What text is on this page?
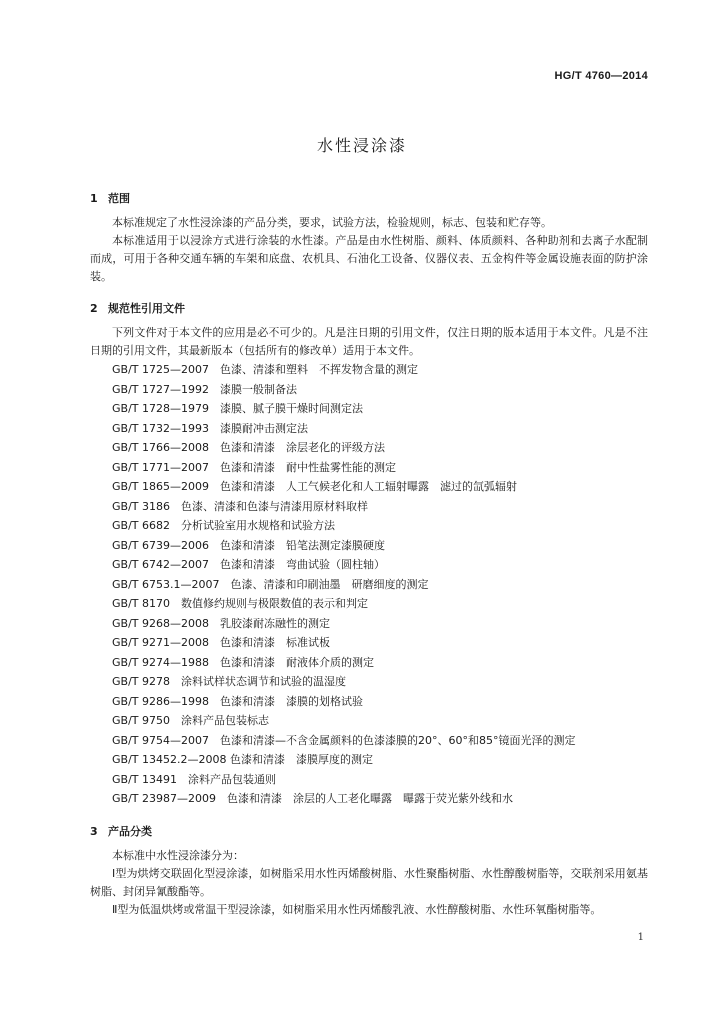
HG/T 4760—2014
水性浸涂漆
1 范围

本标准规定了水性浸涂漆的产品分类，要求，试验方法，检验规则，标志、包装和贮存等。

本标准适用于以浸涂方式进行涂装的水性漆。产品是由水性树脂、颜料、体质颜料、各种助剂和去离子水配制而成，可用于各种交通车辆的车架和底盘、农机具、石油化工设备、仪器仪表、五金构件等金属设施表面的防护涂装。

2 规范性引用文件

下列文件对于本文件的应用是必不可少的。凡是注日期的引用文件，仅注日期的版本适用于本文件。凡是不注日期的引用文件，其最新版本（包括所有的修改单）适用于本文件。

GB/T 1725—2007　色漆、清漆和塑料　不挥发物含量的测定

GB/T 1727—1992　漆膜一般制备法

GB/T 1728—1979　漆膜、腻子膜干燥时间测定法

GB/T 1732—1993　漆膜耐冲击测定法

GB/T 1766—2008　色漆和清漆　涂层老化的评级方法

GB/T 1771—2007　色漆和清漆　耐中性盐雾性能的测定

GB/T 1865—2009　色漆和清漆　人工气候老化和人工辐射曝露　滤过的氙弧辐射

GB/T 3186　色漆、清漆和色漆与清漆用原材料取样

GB/T 6682　分析试验室用水规格和试验方法

GB/T 6739—2006　色漆和清漆　铅笔法测定漆膜硬度

GB/T 6742—2007　色漆和清漆　弯曲试验（圆柱轴）

GB/T 6753.1—2007　色漆、清漆和印刷油墨　研磨细度的测定

GB/T 8170　数值修约规则与极限数值的表示和判定

GB/T 9268—2008　乳胶漆耐冻融性的测定

GB/T 9271—2008　色漆和清漆　标准试板

GB/T 9274—1988　色漆和清漆　耐液体介质的测定

GB/T 9278　涂料试样状态调节和试验的温湿度

GB/T 9286—1998　色漆和清漆　漆膜的划格试验

GB/T 9750　涂料产品包装标志

GB/T 9754—2007　色漆和清漆—不含金属颜料的色漆漆膜的20°、60°和85°镜面光泽的测定

GB/T 13452.2—2008 色漆和清漆　漆膜厚度的测定

GB/T 13491　涂料产品包装通则

GB/T 23987—2009　色漆和清漆　涂层的人工老化曝露　曝露于荧光紫外线和水

3 产品分类

本标准中水性浸涂漆分为：

Ⅰ型为烘烤交联固化型浸涂漆，如树脂采用水性丙烯酸树脂、水性聚酯树脂、水性醇酸树脂等，交联剂采用氨基树脂、封闭异氰酸酯等。

Ⅱ型为低温烘烤或常温干型浸涂漆，如树脂采用水性丙烯酸乳液、水性醇酸树脂、水性环氧酯树脂等。

1
